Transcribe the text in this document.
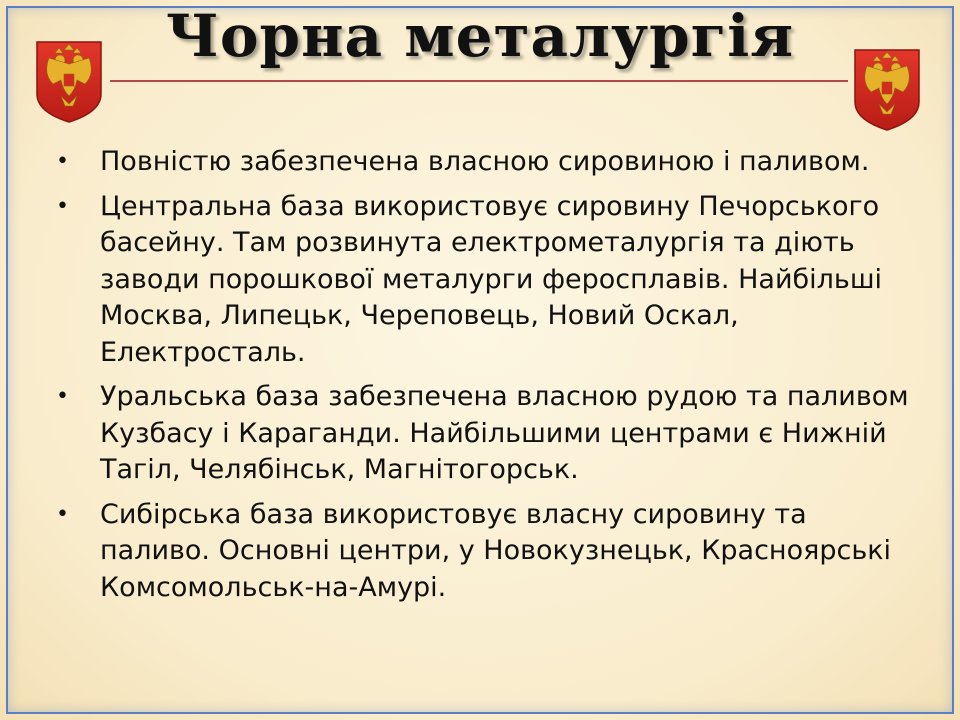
Чорна металургія
• Повністю забезпечена власною сировиною і паливом.
• Центральна база використовує сировину Печорського басейну. Там розвинута електрометалургія та діють заводи порошкової металурги феросплавів. Найбільші Москва, Липецьк, Череповець, Новий Оскал, Електросталь.
• Уральська база забезпечена власною рудою та паливом Кузбасу і Караганди. Найбільшими центрами є Нижній Тагіл, Челябінськ, Магнітогорськ.
• Сибірська база використовує власну сировину та паливо. Основні центри, у Новокузнецьк, Красноярські Комсомольськ-на-Амурі.
